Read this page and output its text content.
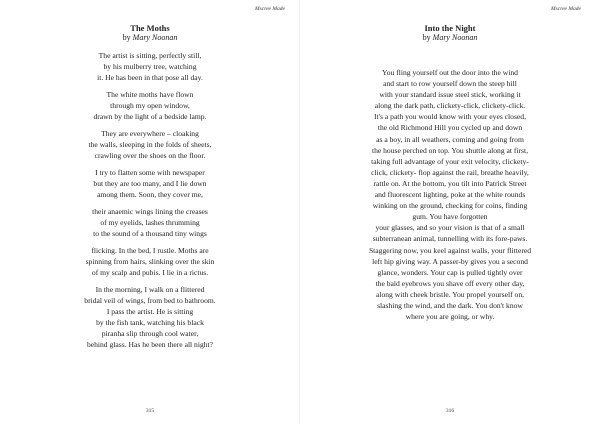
Mscree Made
The Moths
by Mary Noonan
The artist is sitting, perfectly still,
by his mulberry tree, watching
it. He has been in that pose all day.
The white moths have flown
through my open window,
drawn by the light of a bedside lamp.
They are everywhere – cloaking
the walls, sleeping in the folds of sheets,
crawling over the shoes on the floor.
I try to flatten some with newspaper
but they are too many, and I lie down
among them. Soon, they cover me,
their anaemic wings lining the creases
of my eyelids, lashes thrumming
to the sound of a thousand tiny wings
flicking. In the bed, I rustle. Moths are
spinning from hairs, slinking over the skin
of my scalp and pubis. I lie in a rictus.
In the morning, I walk on a flittered
bridal veil of wings, from bed to bathroom.
I pass the artist. He is sitting
by the fish tank, watching his black
piranha slip through cool water,
behind glass. Has he been there all night?
315
Mscree Made
Into the Night
by Mary Noonan
You fling yourself out the door into the wind
and start to row yourself down the steep hill
with your standard issue steel stick, working it
along the dark path, clickety-click, clickety-click.
It's a path you would know with your eyes closed,
the old Richmond Hill you cycled up and down
as a boy, in all weathers, coming and going from
the house perched on top. You shuttle along at first,
taking full advantage of your exit velocity, clickety-
click, clickety- flop against the rail, breathe heavily,
rattle on. At the bottom, you tilt into Patrick Street
and fluorescent lighting, poke at the white rounds
winking on the ground, checking for coins, finding
gum. You have forgotten
your glasses, and so your vision is that of a small
subterranean animal, tunnelling with its fore-paws.
Staggering now, you keel against walls, your flittered
left hip giving way. A passer-by gives you a second
glance, wonders. Your cap is pulled tightly over
the bald eyebrows you shave off every other day,
along with cheek bristle. You propel yourself on,
slashing the wind, and the dark. You don't know
where you are going, or why.
316
